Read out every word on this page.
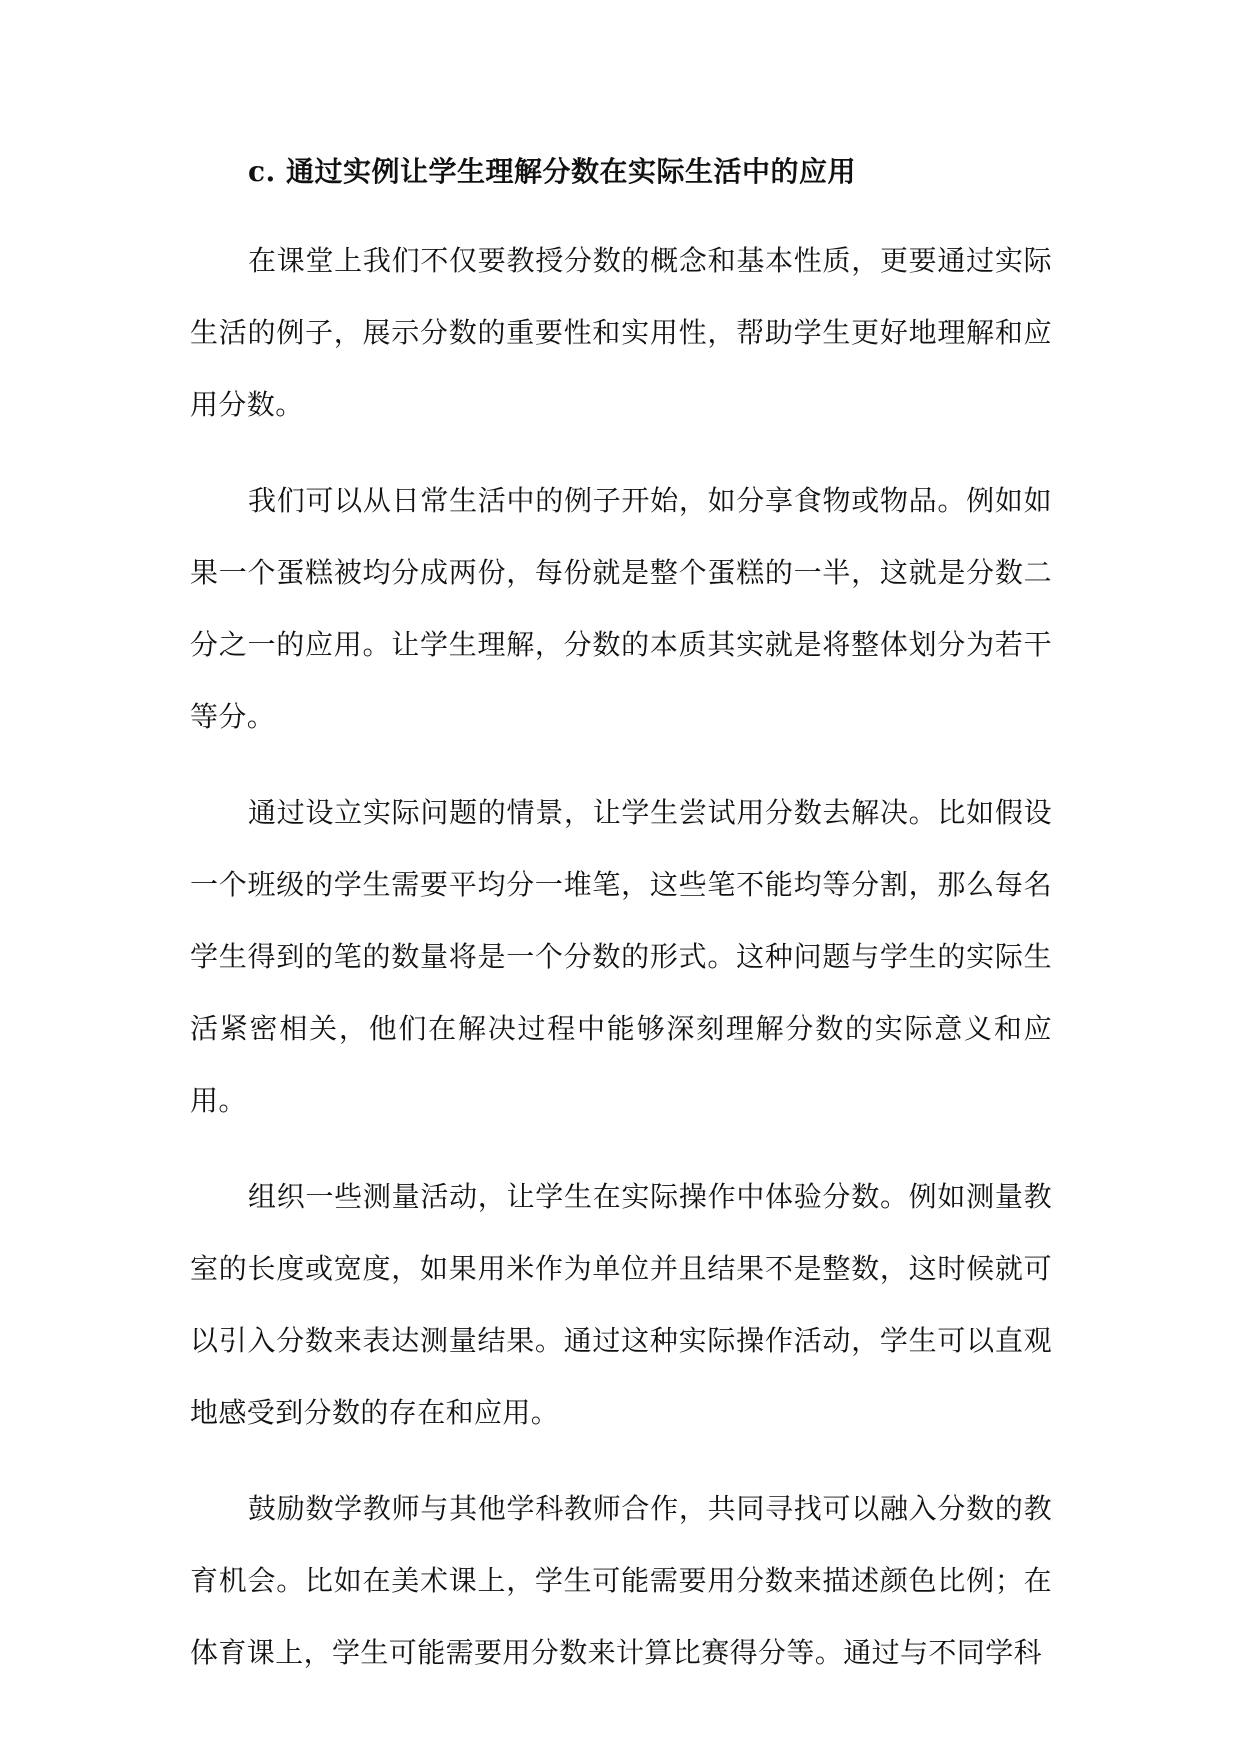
c. 通过实例让学生理解分数在实际生活中的应用

在课堂上我们不仅要教授分数的概念和基本性质，更要通过实际生活的例子，展示分数的重要性和实用性，帮助学生更好地理解和应用分数。

我们可以从日常生活中的例子开始，如分享食物或物品。例如如果一个蛋糕被均分成两份，每份就是整个蛋糕的一半，这就是分数二分之一的应用。让学生理解，分数的本质其实就是将整体划分为若干等分。

通过设立实际问题的情景，让学生尝试用分数去解决。比如假设一个班级的学生需要平均分一堆笔，这些笔不能均等分割，那么每名学生得到的笔的数量将是一个分数的形式。这种问题与学生的实际生活紧密相关，他们在解决过程中能够深刻理解分数的实际意义和应用。

组织一些测量活动，让学生在实际操作中体验分数。例如测量教室的长度或宽度，如果用米作为单位并且结果不是整数，这时候就可以引入分数来表达测量结果。通过这种实际操作活动，学生可以直观地感受到分数的存在和应用。

鼓励数学教师与其他学科教师合作，共同寻找可以融入分数的教育机会。比如在美术课上，学生可能需要用分数来描述颜色比例；在体育课上，学生可能需要用分数来计算比赛得分等。通过与不同学科
